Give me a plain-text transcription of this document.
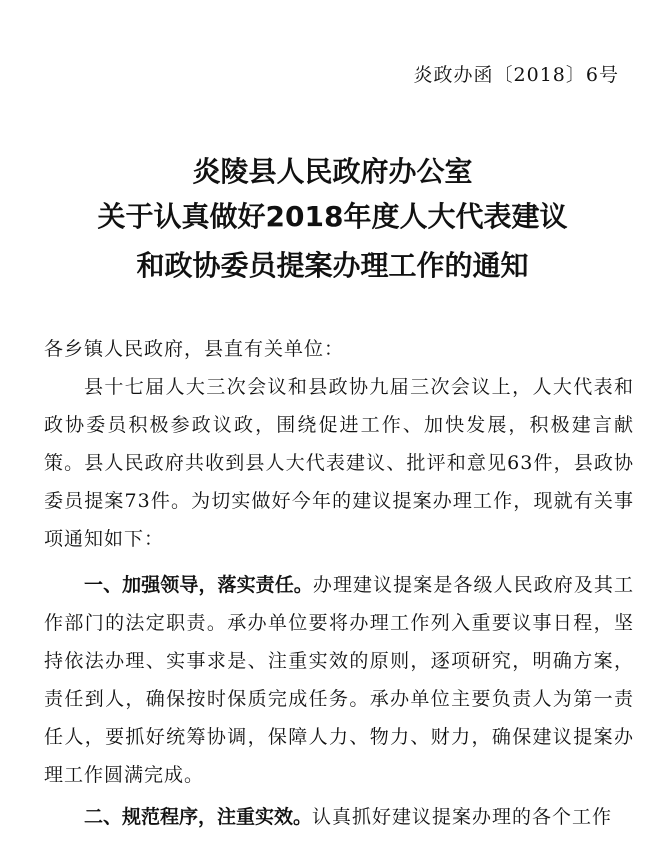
炎政办函〔2018〕6号
炎陵县人民政府办公室
关于认真做好2018年度人大代表建议
和政协委员提案办理工作的通知

各乡镇人民政府，县直有关单位：

县十七届人大三次会议和县政协九届三次会议上，人大代表和政协委员积极参政议政，围绕促进工作、加快发展，积极建言献策。县人民政府共收到县人大代表建议、批评和意见63件，县政协委员提案73件。为切实做好今年的建议提案办理工作，现就有关事项通知如下：

一、加强领导，落实责任。办理建议提案是各级人民政府及其工作部门的法定职责。承办单位要将办理工作列入重要议事日程，坚持依法办理、实事求是、注重实效的原则，逐项研究，明确方案，责任到人，确保按时保质完成任务。承办单位主要负责人为第一责任人，要抓好统筹协调，保障人力、物力、财力，确保建议提案办理工作圆满完成。

二、规范程序，注重实效。认真抓好建议提案办理的各个工作
